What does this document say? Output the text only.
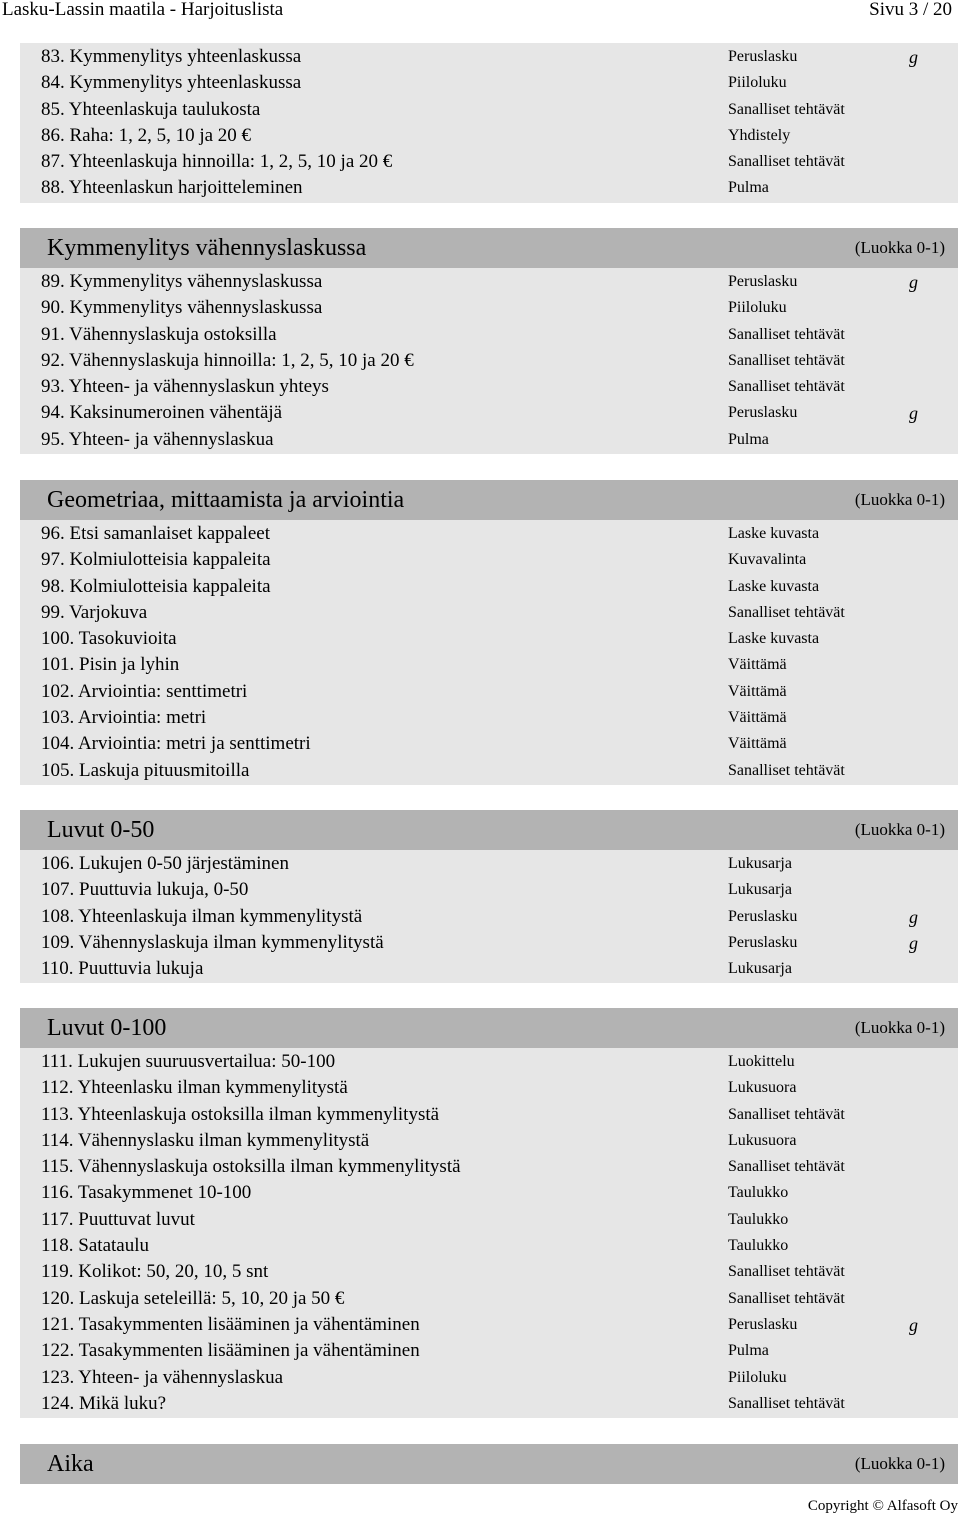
Lasku-Lassin maatila - Harjoituslista	Sivu 3 / 20
83. Kymmenylitys yhteenlaskussa	Peruslasku	g
84. Kymmenylitys yhteenlaskussa	Piiloluku
85. Yhteenlaskuja taulukosta	Sanalliset tehtävät
86. Raha: 1, 2, 5, 10 ja 20 €	Yhdistely
87. Yhteenlaskuja hinnoilla: 1, 2, 5, 10 ja 20 €	Sanalliset tehtävät
88. Yhteenlaskun harjoitteleminen	Pulma
Kymmenylitys vähennyslaskussa	(Luokka 0-1)
89. Kymmenylitys vähennyslaskussa	Peruslasku	g
90. Kymmenylitys vähennyslaskussa	Piiloluku
91. Vähennyslaskuja ostoksilla	Sanalliset tehtävät
92. Vähennyslaskuja hinnoilla: 1, 2, 5, 10 ja 20 €	Sanalliset tehtävät
93. Yhteen- ja vähennyslaskun yhteys	Sanalliset tehtävät
94. Kaksinumeroinen vähentäjä	Peruslasku	g
95. Yhteen- ja vähennyslaskua	Pulma
Geometriaa, mittaamista ja arviointia	(Luokka 0-1)
96. Etsi samanlaiset kappaleet	Laske kuvasta
97. Kolmiulotteisia kappaleita	Kuvavalinta
98. Kolmiulotteisia kappaleita	Laske kuvasta
99. Varjokuva	Sanalliset tehtävät
100. Tasokuvioita	Laske kuvasta
101. Pisin ja lyhin	Väittämä
102. Arviointia: senttimetri	Väittämä
103. Arviointia: metri	Väittämä
104. Arviointia: metri ja senttimetri	Väittämä
105. Laskuja pituusmitoilla	Sanalliset tehtävät
Luvut 0-50	(Luokka 0-1)
106. Lukujen 0-50 järjestäminen	Lukusarja
107. Puuttuvia lukuja, 0-50	Lukusarja
108. Yhteenlaskuja ilman kymmenylitystä	Peruslasku	g
109. Vähennyslaskuja ilman kymmenylitystä	Peruslasku	g
110. Puuttuvia lukuja	Lukusarja
Luvut 0-100	(Luokka 0-1)
111. Lukujen suuruusvertailua: 50-100	Luokittelu
112. Yhteenlasku ilman kymmenylitystä	Lukusuora
113. Yhteenlaskuja ostoksilla ilman kymmenylitystä	Sanalliset tehtävät
114. Vähennyslasku ilman kymmenylitystä	Lukusuora
115. Vähennyslaskuja ostoksilla ilman kymmenylitystä	Sanalliset tehtävät
116. Tasakymmenet 10-100	Taulukko
117. Puuttuvat luvut	Taulukko
118. Satataulu	Taulukko
119. Kolikot: 50, 20, 10, 5 snt	Sanalliset tehtävät
120. Laskuja seteleillä: 5, 10, 20 ja 50 €	Sanalliset tehtävät
121. Tasakymmenten lisääminen ja vähentäminen	Peruslasku	g
122. Tasakymmenten lisääminen ja vähentäminen	Pulma
123. Yhteen- ja vähennyslaskua	Piiloluku
124. Mikä luku?	Sanalliset tehtävät
Aika	(Luokka 0-1)
Copyright © Alfasoft Oy
